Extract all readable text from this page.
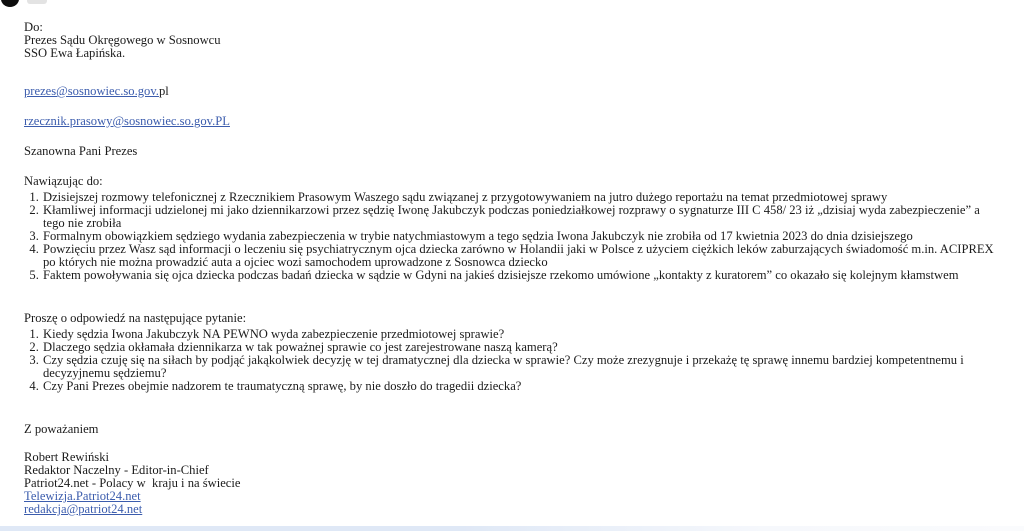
Do:
Prezes Sądu Okręgowego w Sosnowcu
SSO Ewa Łapińska.

prezes@sosnowiec.so.gov.pl

rzecznik.prasowy@sosnowiec.so.gov.PL

Szanowna Pani Prezes

Nawiązując do:

1. Dzisiejszej rozmowy telefonicznej z Rzecznikiem Prasowym Waszego sądu związanej z przygotowywaniem na jutro dużego reportażu na temat przedmiotowej sprawy
2. Kłamliwej informacji udzielonej mi jako dziennikarzowi przez sędzię Iwonę Jakubczyk podczas poniedziałkowej rozprawy o sygnaturze III C 458/ 23 iż „dzisiaj wyda zabezpieczenie” a tego nie zrobiła
3. Formalnym obowiązkiem sędziego wydania zabezpieczenia w trybie natychmiastowym a tego sędzia Iwona Jakubczyk nie zrobiła od 17 kwietnia 2023 do dnia dzisiejszego
4. Powzięciu przez Wasz sąd informacji o leczeniu się psychiatrycznym ojca dziecka zarówno w Holandii jaki w Polsce z użyciem ciężkich leków zaburzających świadomość m.in. ACIPREX po których nie można prowadzić auta a ojciec wozi samochodem uprowadzone z Sosnowca dziecko
5. Faktem powoływania się ojca dziecka podczas badań dziecka w sądzie w Gdyni na jakieś dzisiejsze rzekomo umówione „kontakty z kuratorem” co okazało się kolejnym kłamstwem

Proszę o odpowiedź na następujące pytanie:

1. Kiedy sędzia Iwona Jakubczyk NA PEWNO wyda zabezpieczenie przedmiotowej sprawie?
2. Dlaczego sędzia okłamała dziennikarza w tak poważnej sprawie co jest zarejestrowane naszą kamerą?
3. Czy sędzia czuję się na siłach by podjąć jakąkolwiek decyzję w tej dramatycznej dla dziecka w sprawie? Czy może zrezygnuje i przekażę tę sprawę innemu bardziej kompetentnemu i decyzyjnemu sędziemu?
4. Czy Pani Prezes obejmie nadzorem te traumatyczną sprawę, by nie doszło do tragedii dziecka?

Z poważaniem

Robert Rewiński
Redaktor Naczelny - Editor-in-Chief
Patriot24.net - Polacy w  kraju i na świecie
Telewizja.Patriot24.net
redakcja@patriot24.net
